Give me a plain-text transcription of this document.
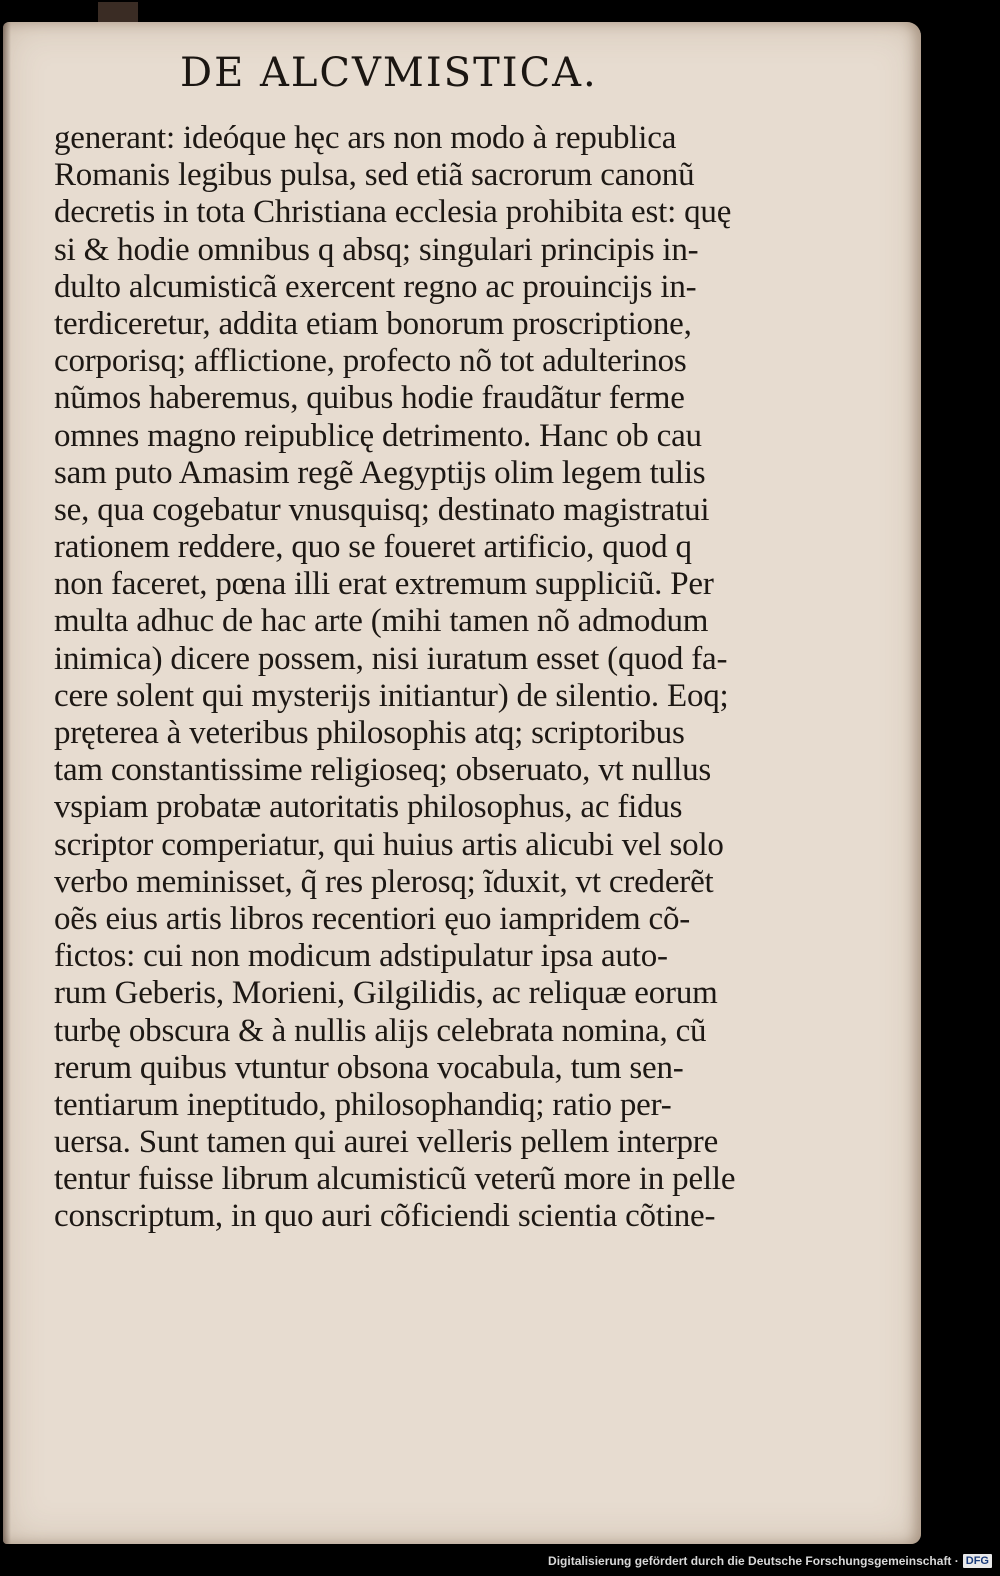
DE ALCVMISTICA.
generant: ideóque hęc ars non modo à republica
Romanis legibus pulsa, sed etiã sacrorum canonũ
decretis in tota Christiana ecclesia prohibita est: quę
si & hodie omnibus q absq; singulari principis in-
dulto alcumisticã exercent regno ac prouincijs in-
terdiceretur, addita etiam bonorum proscriptione,
corporisq; afflictione, profecto nõ tot adulterinos
nũmos haberemus, quibus hodie fraudãtur ferme
omnes magno reipublicę detrimento. Hanc ob cau
sam puto Amasim regẽ Aegyptijs olim legem tulis
se, qua cogebatur vnusquisq; destinato magistratui
rationem reddere, quo se foueret artificio, quod q
non faceret, pœna illi erat extremum suppliciũ. Per
multa adhuc de hac arte (mihi tamen nõ admodum
inimica) dicere possem, nisi iuratum esset (quod fa-
cere solent qui mysterijs initiantur) de silentio. Eoq;
pręterea à veteribus philosophis atq; scriptoribus
tam constantissime religioseq; obseruato, vt nullus
vspiam probatæ autoritatis philosophus, ac fidus
scriptor comperiatur, qui huius artis alicubi vel solo
verbo meminisset, q̃ res plerosq; ĩduxit, vt crederẽt
oẽs eius artis libros recentiori ęuo iampridem cõ-
fictos: cui non modicum adstipulatur ipsa auto-
rum Geberis, Morieni, Gilgilidis, ac reliquæ eorum
turbę obscura & à nullis alijs celebrata nomina, cũ
rerum quibus vtuntur obsona vocabula, tum sen-
tentiarum ineptitudo, philosophandiq; ratio per-
uersa. Sunt tamen qui aurei velleris pellem interpre
tentur fuisse librum alcumisticũ veterũ more in pelle
conscriptum, in quo auri cõficiendi scientia cõtine-
Digitalisierung gefördert durch die Deutsche Forschungsgemeinschaft · DFG
